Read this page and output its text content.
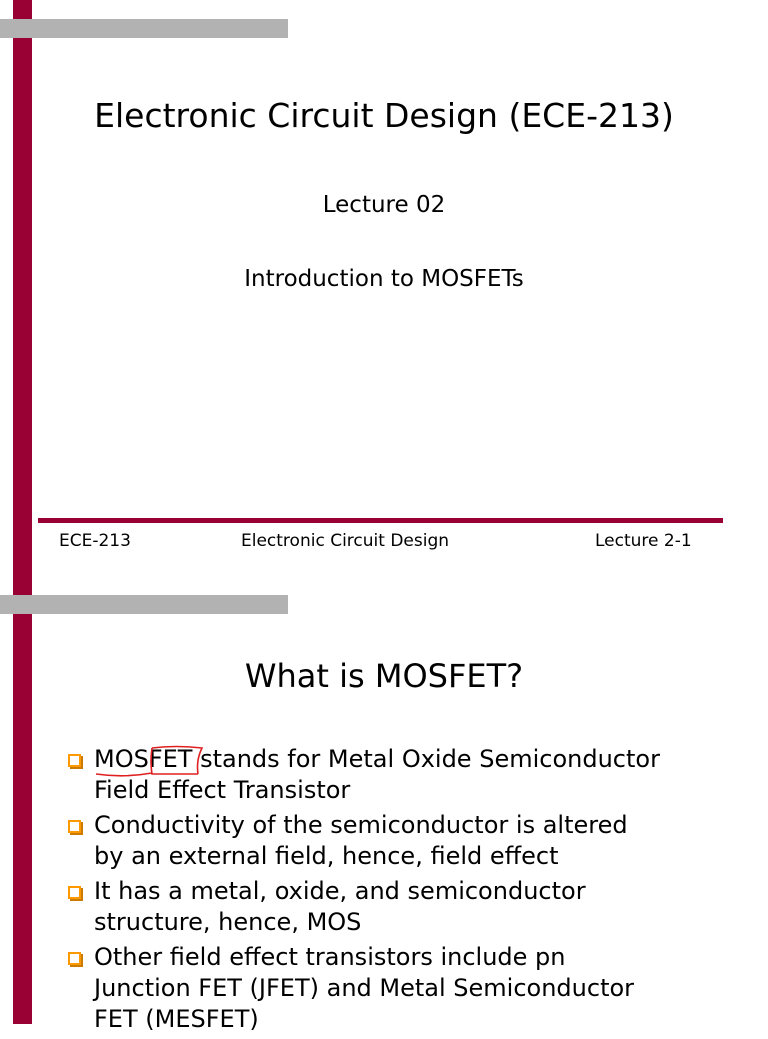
Electronic Circuit Design (ECE-213)
Lecture 02
Introduction to MOSFETs
ECE-213	Electronic Circuit Design	Lecture 2-1
What is MOSFET?
MOSFET
stands for Metal Oxide Semiconductor
Field Effect Transistor
Conductivity of the semiconductor is altered
by an external field, hence, field effect
It has a metal, oxide, and semiconductor
structure, hence, MOS
Other field effect transistors include pn
Junction FET (JFET) and Metal Semiconductor
FET (MESFET)
